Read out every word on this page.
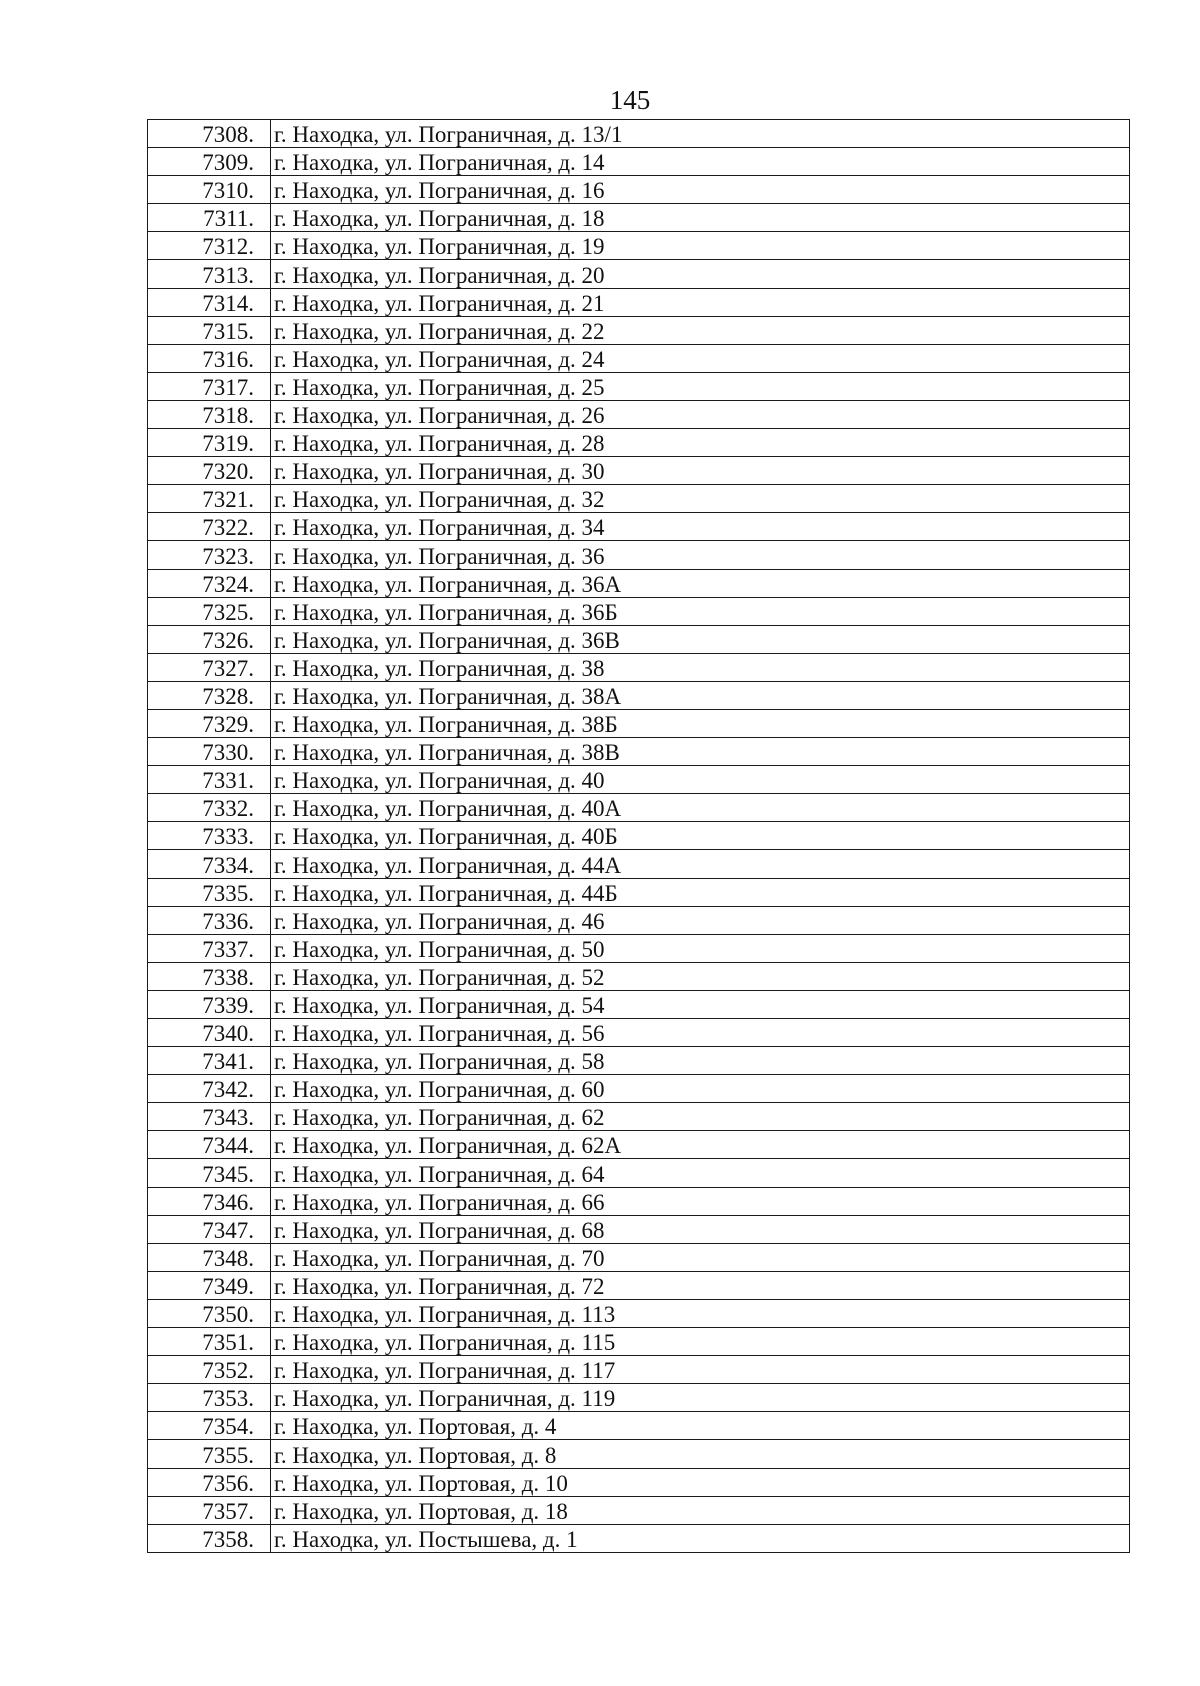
145
7308.	г. Находка, ул. Пограничная, д. 13/1
7309.	г. Находка, ул. Пограничная, д. 14
7310.	г. Находка, ул. Пограничная, д. 16
7311.	г. Находка, ул. Пограничная, д. 18
7312.	г. Находка, ул. Пограничная, д. 19
7313.	г. Находка, ул. Пограничная, д. 20
7314.	г. Находка, ул. Пограничная, д. 21
7315.	г. Находка, ул. Пограничная, д. 22
7316.	г. Находка, ул. Пограничная, д. 24
7317.	г. Находка, ул. Пограничная, д. 25
7318.	г. Находка, ул. Пограничная, д. 26
7319.	г. Находка, ул. Пограничная, д. 28
7320.	г. Находка, ул. Пограничная, д. 30
7321.	г. Находка, ул. Пограничная, д. 32
7322.	г. Находка, ул. Пограничная, д. 34
7323.	г. Находка, ул. Пограничная, д. 36
7324.	г. Находка, ул. Пограничная, д. 36А
7325.	г. Находка, ул. Пограничная, д. 36Б
7326.	г. Находка, ул. Пограничная, д. 36В
7327.	г. Находка, ул. Пограничная, д. 38
7328.	г. Находка, ул. Пограничная, д. 38А
7329.	г. Находка, ул. Пограничная, д. 38Б
7330.	г. Находка, ул. Пограничная, д. 38В
7331.	г. Находка, ул. Пограничная, д. 40
7332.	г. Находка, ул. Пограничная, д. 40А
7333.	г. Находка, ул. Пограничная, д. 40Б
7334.	г. Находка, ул. Пограничная, д. 44А
7335.	г. Находка, ул. Пограничная, д. 44Б
7336.	г. Находка, ул. Пограничная, д. 46
7337.	г. Находка, ул. Пограничная, д. 50
7338.	г. Находка, ул. Пограничная, д. 52
7339.	г. Находка, ул. Пограничная, д. 54
7340.	г. Находка, ул. Пограничная, д. 56
7341.	г. Находка, ул. Пограничная, д. 58
7342.	г. Находка, ул. Пограничная, д. 60
7343.	г. Находка, ул. Пограничная, д. 62
7344.	г. Находка, ул. Пограничная, д. 62А
7345.	г. Находка, ул. Пограничная, д. 64
7346.	г. Находка, ул. Пограничная, д. 66
7347.	г. Находка, ул. Пограничная, д. 68
7348.	г. Находка, ул. Пограничная, д. 70
7349.	г. Находка, ул. Пограничная, д. 72
7350.	г. Находка, ул. Пограничная, д. 113
7351.	г. Находка, ул. Пограничная, д. 115
7352.	г. Находка, ул. Пограничная, д. 117
7353.	г. Находка, ул. Пограничная, д. 119
7354.	г. Находка, ул. Портовая, д. 4
7355.	г. Находка, ул. Портовая, д. 8
7356.	г. Находка, ул. Портовая, д. 10
7357.	г. Находка, ул. Портовая, д. 18
7358.	г. Находка, ул. Постышева, д. 1
